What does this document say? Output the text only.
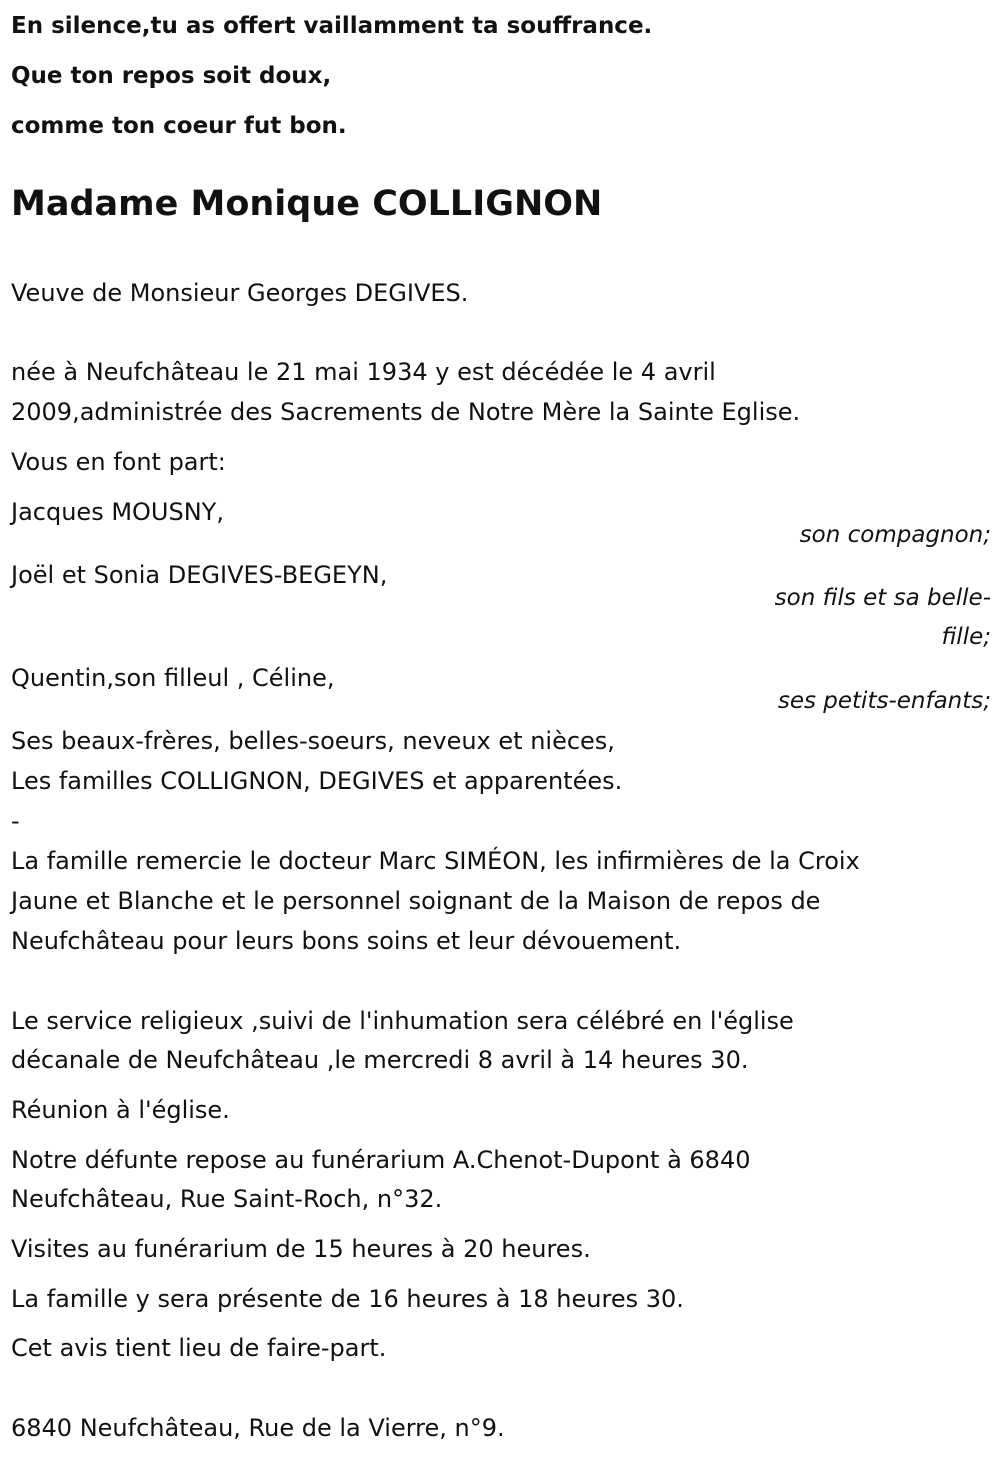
En silence,tu as offert vaillamment ta souffrance.
Que ton repos soit doux,
comme ton coeur fut bon.
Madame Monique COLLIGNON
Veuve de Monsieur Georges DEGIVES.
née à Neufchâteau le 21 mai 1934 y est décédée le 4 avril
2009,administrée des Sacrements de Notre Mère la Sainte Eglise.
Vous en font part:
Jacques MOUSNY,
son compagnon;
Joël et Sonia DEGIVES-BEGEYN,
son fils et sa belle-
fille;
Quentin,son filleul , Céline,
ses petits-enfants;
Ses beaux-frères, belles-soeurs, neveux et nièces,
Les familles COLLIGNON, DEGIVES et apparentées.
-
La famille remercie le docteur Marc SIMÉON, les infirmières de la Croix
Jaune et Blanche et le personnel soignant de la Maison de repos de
Neufchâteau pour leurs bons soins et leur dévouement.
Le service religieux ,suivi de l'inhumation sera célébré en l'église
décanale de Neufchâteau ,le mercredi 8 avril à 14 heures 30.
Réunion à l'église.
Notre défunte repose au funérarium A.Chenot-Dupont à 6840
Neufchâteau, Rue Saint-Roch, n°32.
Visites au funérarium de 15 heures à 20 heures.
La famille y sera présente de 16 heures à 18 heures 30.
Cet avis tient lieu de faire-part.
6840 Neufchâteau, Rue de la Vierre, n°9.
